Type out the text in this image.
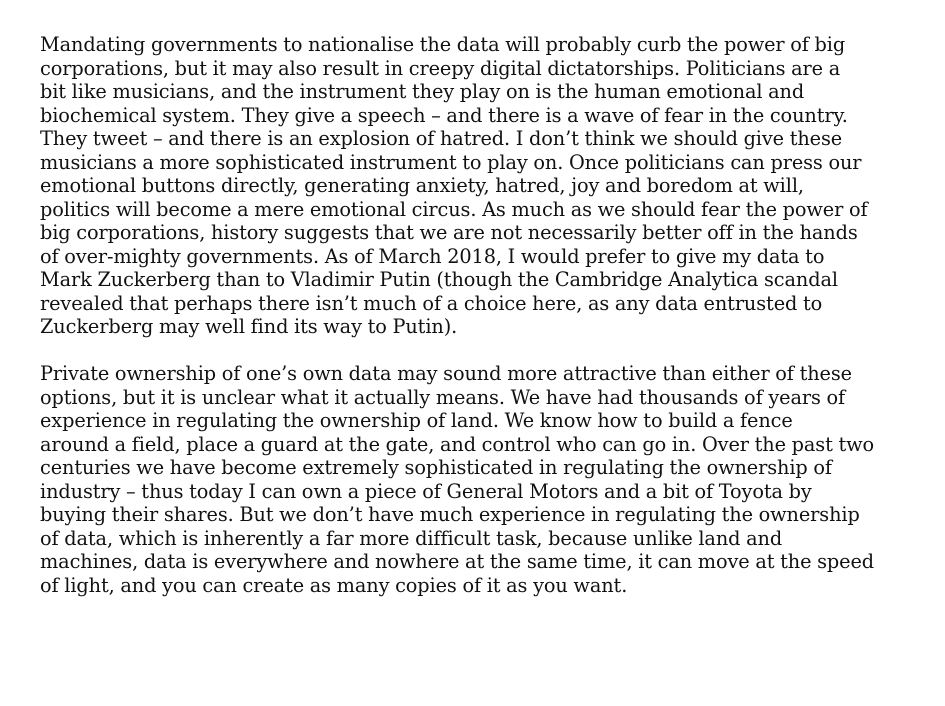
Mandating governments to nationalise the data will probably curb the power of big
corporations, but it may also result in creepy digital dictatorships. Politicians are a
bit like musicians, and the instrument they play on is the human emotional and
biochemical system. They give a speech – and there is a wave of fear in the country.
They tweet – and there is an explosion of hatred. I don’t think we should give these
musicians a more sophisticated instrument to play on. Once politicians can press our
emotional buttons directly, generating anxiety, hatred, joy and boredom at will,
politics will become a mere emotional circus. As much as we should fear the power of
big corporations, history suggests that we are not necessarily better off in the hands
of over-mighty governments. As of March 2018, I would prefer to give my data to
Mark Zuckerberg than to Vladimir Putin (though the Cambridge Analytica scandal
revealed that perhaps there isn’t much of a choice here, as any data entrusted to
Zuckerberg may well find its way to Putin).

Private ownership of one’s own data may sound more attractive than either of these
options, but it is unclear what it actually means. We have had thousands of years of
experience in regulating the ownership of land. We know how to build a fence
around a field, place a guard at the gate, and control who can go in. Over the past two
centuries we have become extremely sophisticated in regulating the ownership of
industry – thus today I can own a piece of General Motors and a bit of Toyota by
buying their shares. But we don’t have much experience in regulating the ownership
of data, which is inherently a far more difficult task, because unlike land and
machines, data is everywhere and nowhere at the same time, it can move at the speed
of light, and you can create as many copies of it as you want.
